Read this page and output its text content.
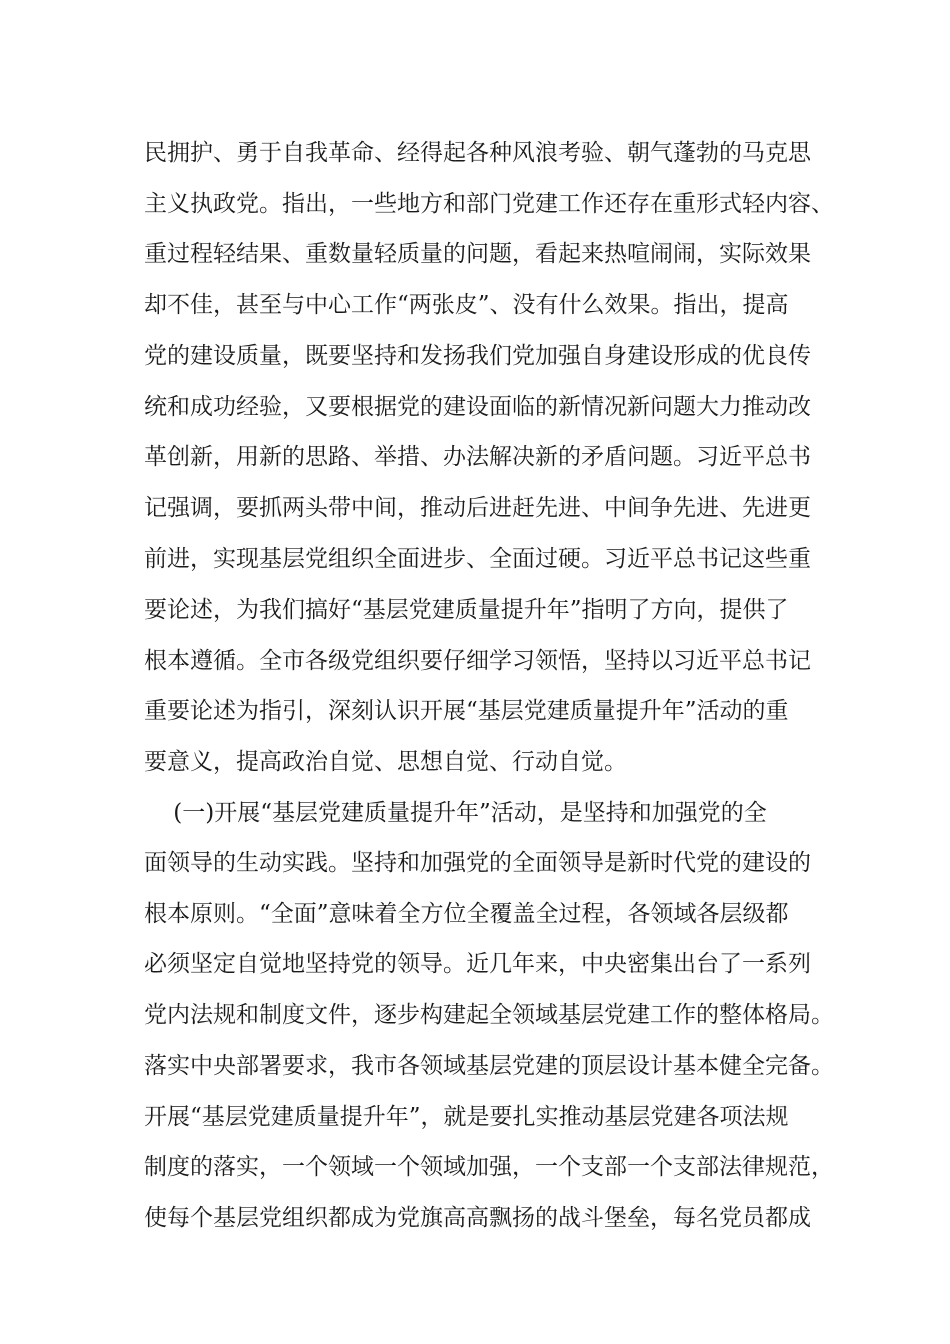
民拥护、勇于自我革命、经得起各种风浪考验、朝气蓬勃的马克思
主义执政党。指出，一些地方和部门党建工作还存在重形式轻内容、
重过程轻结果、重数量轻质量的问题，看起来热喧闹闹，实际效果
却不佳，甚至与中心工作“两张皮”、没有什么效果。指出，提高
党的建设质量，既要坚持和发扬我们党加强自身建设形成的优良传
统和成功经验，又要根据党的建设面临的新情况新问题大力推动改
革创新，用新的思路、举措、办法解决新的矛盾问题。习近平总书
记强调，要抓两头带中间，推动后进赶先进、中间争先进、先进更
前进，实现基层党组织全面进步、全面过硬。习近平总书记这些重
要论述，为我们搞好“基层党建质量提升年”指明了方向，提供了
根本遵循。全市各级党组织要仔细学习领悟，坚持以习近平总书记
重要论述为指引，深刻认识开展“基层党建质量提升年”活动的重
要意义，提高政治自觉、思想自觉、行动自觉。
(一)开展“基层党建质量提升年”活动，是坚持和加强党的全
面领导的生动实践。坚持和加强党的全面领导是新时代党的建设的
根本原则。“全面”意味着全方位全覆盖全过程，各领域各层级都
必须坚定自觉地坚持党的领导。近几年来，中央密集出台了一系列
党内法规和制度文件，逐步构建起全领域基层党建工作的整体格局。
落实中央部署要求，我市各领域基层党建的顶层设计基本健全完备。
开展“基层党建质量提升年”，就是要扎实推动基层党建各项法规
制度的落实，一个领域一个领域加强，一个支部一个支部法律规范，
使每个基层党组织都成为党旗高高飘扬的战斗堡垒，每名党员都成
